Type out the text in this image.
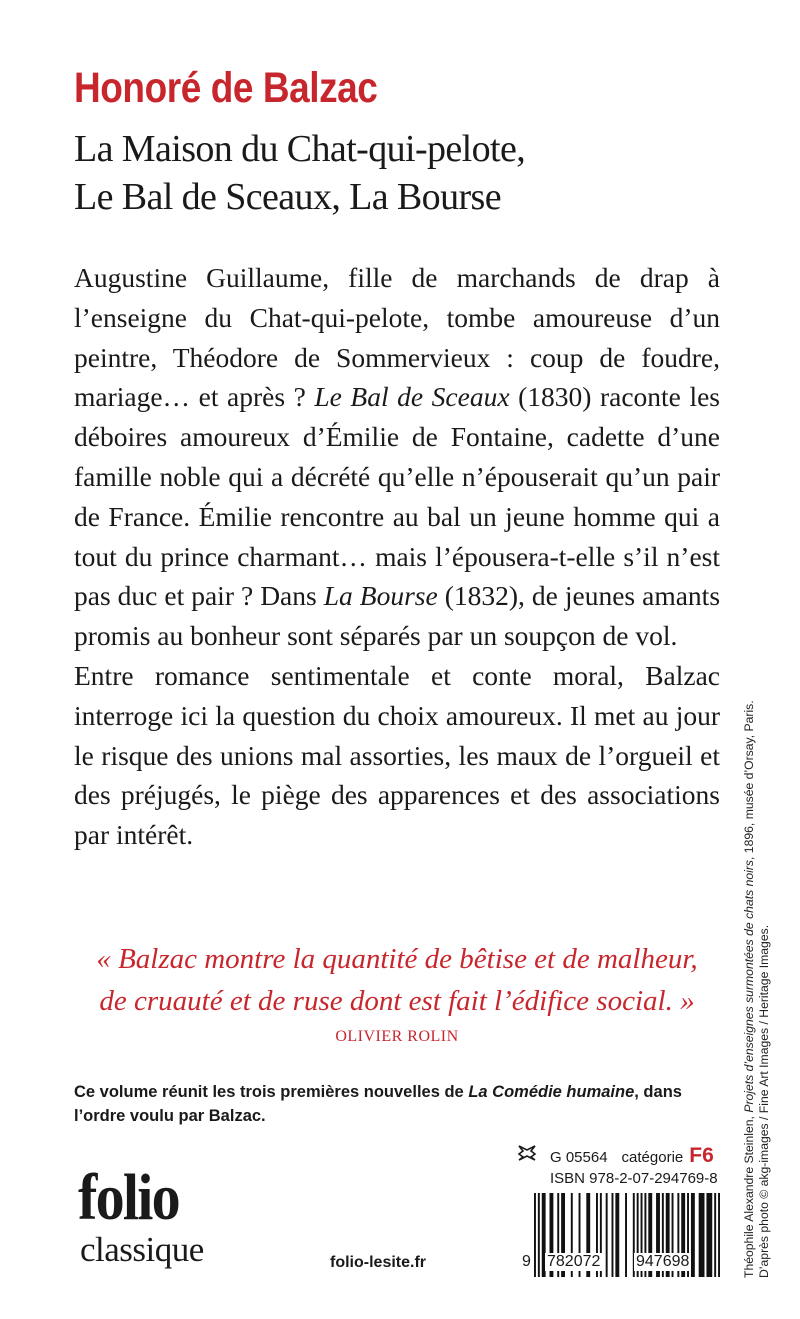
Honoré de Balzac
La Maison du Chat-qui-pelote,
Le Bal de Sceaux, La Bourse

Augustine Guillaume, fille de marchands de drap à l’enseigne du Chat-qui-pelote, tombe amoureuse d’un peintre, Théodore de Sommervieux : coup de foudre, mariage… et après ? Le Bal de Sceaux (1830) raconte les déboires amoureux d’Émilie de Fontaine, cadette d’une famille noble qui a décrété qu’elle n’épouserait qu’un pair de France. Émilie rencontre au bal un jeune homme qui a tout du prince charmant… mais l’épousera-t-elle s’il n’est pas duc et pair ? Dans La Bourse (1832), de jeunes amants promis au bonheur sont séparés par un soupçon de vol.

Entre romance sentimentale et conte moral, Balzac interroge ici la question du choix amoureux. Il met au jour le risque des unions mal assorties, les maux de l’orgueil et des préjugés, le piège des apparences et des associations par intérêt.

« Balzac montre la quantité de bêtise et de malheur,
de cruauté et de ruse dont est fait l’édifice social. »
OLIVIER ROLIN
Ce volume réunit les trois premières nouvelles de La Comédie humaine, dans l’ordre voulu par Balzac.	Théophile Alexandre Steinlen, Projets d’enseignes surmontées de chats noirs, 1896, musée d’Orsay, Paris.
D’après photo © akg-images / Fine Art Images / Heritage Images.
folio
classique	folio-lesite.fr
G 05564 catégorie F6
ISBN 978-2-07-294769-8
9 782072 947698
